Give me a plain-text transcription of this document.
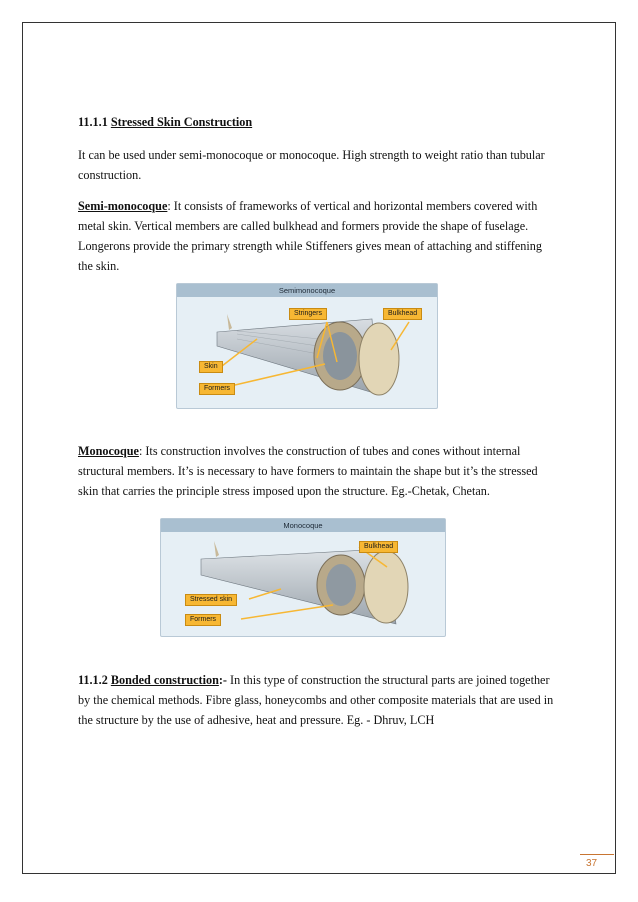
11.1.1 Stressed Skin Construction
It can be used under semi-monocoque or monocoque. High strength to weight ratio than tubular construction.
Semi-monocoque: It consists of frameworks of vertical and horizontal members covered with metal skin. Vertical members are called bulkhead and formers provide the shape of fuselage. Longerons provide the primary strength while Stiffeners gives mean of attaching and stiffening the skin.
Semimonocoque
Stringers	Bulkhead
Skin
Formers
Monocoque: Its construction involves the construction of tubes and cones without internal structural members. It’s is necessary to have formers to maintain the shape but it’s the stressed skin that carries the principle stress imposed upon the structure. Eg.-Chetak, Chetan.
Monocoque
Bulkhead
Stressed skin
Formers
11.1.2 Bonded construction:- In this type of construction the structural parts are joined together by the chemical methods. Fibre glass, honeycombs and other composite materials that are used in the structure by the use of adhesive, heat and pressure. Eg. - Dhruv, LCH
37
